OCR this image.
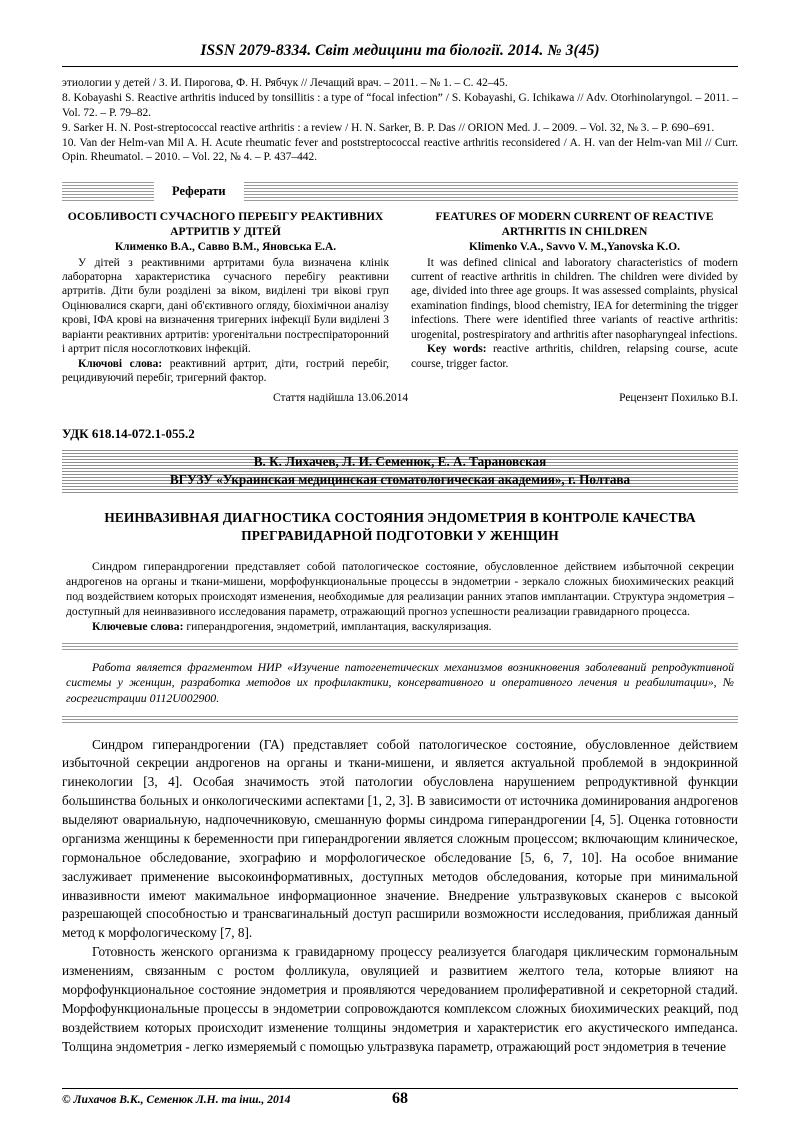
ISSN 2079-8334. Світ медицини та біології. 2014. № 3(45)

этиологии у детей / З. И. Пирогова, Ф. Н. Рябчук // Лечащий врач. – 2011. – № 1. – С. 42–45.

8. Kobayashi S. Reactive arthritis induced by tonsillitis : a type of “focal infection” / S. Kobayashi, G. Ichikawa // Adv. Otorhinolaryngol. – 2011. – Vol. 72. – P. 79–82.

9. Sarker H. N. Post-streptococcal reactive arthritis : a review / H. N. Sarker, B. P. Das // ORION Med. J. – 2009. – Vol. 32, № 3. – P. 690–691.

10. Van der Helm-van Mil A. H. Acute rheumatic fever and poststreptococcal reactive arthritis reconsidered / A. H. van der Helm-van Mil // Curr. Opin. Rheumatol. – 2010. – Vol. 22, № 4. – P. 437–442.

Реферати
ОСОБЛИВОСТІ СУЧАСНОГО ПЕРЕБІГУ РЕАКТИВНИХ АРТРИТІВ У ДІТЕЙ
Клименко В.А., Савво В.М., Яновська Е.А.
У дітей з реактивними артритами була визначена клінік лабораторна характеристика сучасного перебігу реактивни артритів. Діти були розділені за віком, виділені три вікові груп Оцінювалися скарги, дані об'єктивного огляду, біохімічнои аналізу крові, ІФА крові на визначення тригерних інфекції Були виділені 3 варіанти реактивних артритів: урогенітальни постреспіраторонний і артрит після носоглоткових інфекцій.
Ключові слова: реактивний артрит, діти, гострий перебіг, рецидивуючий перебіг, тригерний фактор.
FEATURES OF MODERN CURRENT OF REACTIVE ARTHRITIS IN CHILDREN
Klimenko V.A., Savvo V. M.,Yanovska K.O.
It was defined clinical and laboratory characteristics of modern current of reactive arthritis in children. The children were divided by age, divided into three age groups. It was assessed complaints, physical examination findings, blood chemistry, IEA for determining the trigger infections. There were identified three variants of reactive arthritis: urogenital, postrespiratory and arthritis after nasopharyngeal infections.
Key words: reactive arthritis, children, relapsing course, acute course, trigger factor.
Стаття надійшла 13.06.2014	Рецензент Похилько В.І.
УДК 618.14-072.1-055.2
В. К. Лихачев, Л. И. Семенюк, Е. А. Тарановская
ВГУЗУ «Украинская медицинская стоматологическая академия», г. Полтава
НЕИНВАЗИВНАЯ ДИАГНОСТИКА СОСТОЯНИЯ ЭНДОМЕТРИЯ В КОНТРОЛЕ КАЧЕСТВА ПРЕГРАВИДАРНОЙ ПОДГОТОВКИ У ЖЕНЩИН
Синдром гиперандрогении представляет собой патологическое состояние, обусловленное действием избыточной секреции андрогенов на органы и ткани-мишени, морфофункциональные процессы в эндометрии - зеркало сложных биохимических реакций под воздействием которых происходят изменения, необходимые для реализации ранних этапов имплантации. Структура эндометрия – доступный для неинвазивного исследования параметр, отражающий прогноз успешности реализации гравидарного процесса.
Ключевые слова: гиперандрогения, эндометрий, имплантация, васкуляризация.
Работа является фрагментом НИР «Изучение патогенетических механизмов возникновения заболеваний репродуктивной системы у женщин, разработка методов их профилактики, консервативного и оперативного лечения и реабилитации», № госрегистрации 0112U002900.

Синдром гиперандрогении (ГА) представляет собой патологическое состояние, обусловленное действием избыточной секреции андрогенов на органы и ткани-мишени, и является актуальной проблемой в эндокринной гинекологии [3, 4]. Особая значимость этой патологии обусловлена нарушением репродуктивной функции большинства больных и онкологическими аспектами [1, 2, 3]. В зависимости от источника доминирования андрогенов выделяют овариальную, надпочечниковую, смешанную формы синдрома гиперандрогении [4, 5]. Оценка готовности организма женщины к беременности при гиперандрогении является сложным процессом; включающим клиническое, гормональное обследование, эхографию и морфологическое обследование [5, 6, 7, 10]. На особое внимание заслуживает применение высокоинформативных, доступных методов обследования, которые при минимальной инвазивности имеют макимальное информационное значение. Внедрение ультразвуковых сканеров с высокой разрешающей способностью и трансвагинальный доступ расширили возможности исследования, приближая данный метод к морфологическому [7, 8].

Готовность женского организма к гравидарному процессу реализуется благодаря циклическим гормональным изменениям, связанным с ростом фолликула, овуляцией и развитием желтого тела, которые влияют на морфофункциональное состояние эндометрия и проявляются чередованием пролиферативной и секреторной стадий. Морфофункциональные процессы в эндометрии сопровождаются комплексом сложных биохимических реакций, под воздействием которых происходит изменение толщины эндометрия и характеристик его акустического импеданса. Толщина эндометрия - легко измеряемый с помощью ультразвука параметр, отражающий рост эндометрия в течение

© Лихачов В.К., Семенюк Л.Н. та інш., 2014	68
